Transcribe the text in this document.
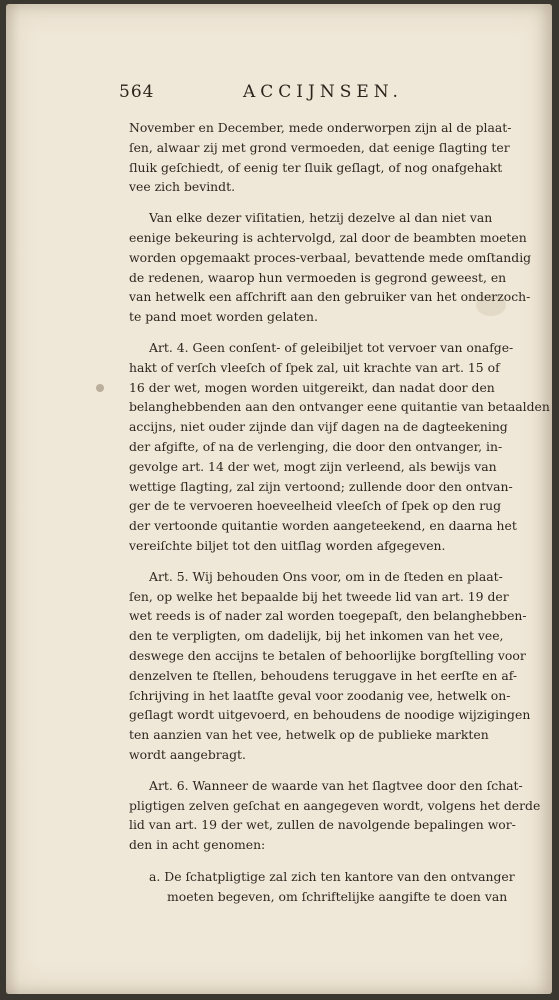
564	ACCIJNSEN.
November en December, mede onderworpen zijn al de plaat-
ſen, alwaar zij met grond vermoeden, dat eenige ſlagting ter
ſluik geſchiedt, of eenig ter ſluik geſlagt, of nog onafgehakt
vee zich bevindt.
Van elke dezer viſitatien, hetzij dezelve al dan niet van
eenige bekeuring is achtervolgd, zal door de beambten moeten
worden opgemaakt proces-verbaal, bevattende mede omſtandig
de redenen, waarop hun vermoeden is gegrond geweest, en
van hetwelk een afſchrift aan den gebruiker van het onderzoch-
te pand moet worden gelaten.
Art. 4. Geen conſent- of geleibiljet tot vervoer van onafge-
hakt of verſch vleeſch of ſpek zal, uit krachte van art. 15 of
16 der wet, mogen worden uitgereikt, dan nadat door den
belanghebbenden aan den ontvanger eene quitantie van betaalden
accijns, niet ouder zijnde dan vijf dagen na de dagteekening
der afgifte, of na de verlenging, die door den ontvanger, in-
gevolge art. 14 der wet, mogt zijn verleend, als bewijs van
wettige ſlagting, zal zijn vertoond; zullende door den ontvan-
ger de te vervoeren hoeveelheid vleeſch of ſpek op den rug
der vertoonde quitantie worden aangeteekend, en daarna het
vereiſchte biljet tot den uitſlag worden afgegeven.
Art. 5. Wij behouden Ons voor, om in de ſteden en plaat-
ſen, op welke het bepaalde bij het tweede lid van art. 19 der
wet reeds is of nader zal worden toegepaſt, den belanghebben-
den te verpligten, om dadelijk, bij het inkomen van het vee,
deswege den accijns te betalen of behoorlijke borgſtelling voor
denzelven te ſtellen, behoudens teruggave in het eerſte en af-
ſchrijving in het laatſte geval voor zoodanig vee, hetwelk on-
geſlagt wordt uitgevoerd, en behoudens de noodige wijzigingen
ten aanzien van het vee, hetwelk op de publieke markten
wordt aangebragt.
Art. 6. Wanneer de waarde van het ſlagtvee door den ſchat-
pligtigen zelven geſchat en aangegeven wordt, volgens het derde
lid van art. 19 der wet, zullen de navolgende bepalingen wor-
den in acht genomen:
a. De ſchatpligtige zal zich ten kantore van den ontvanger
moeten begeven, om ſchriftelijke aangifte te doen van
